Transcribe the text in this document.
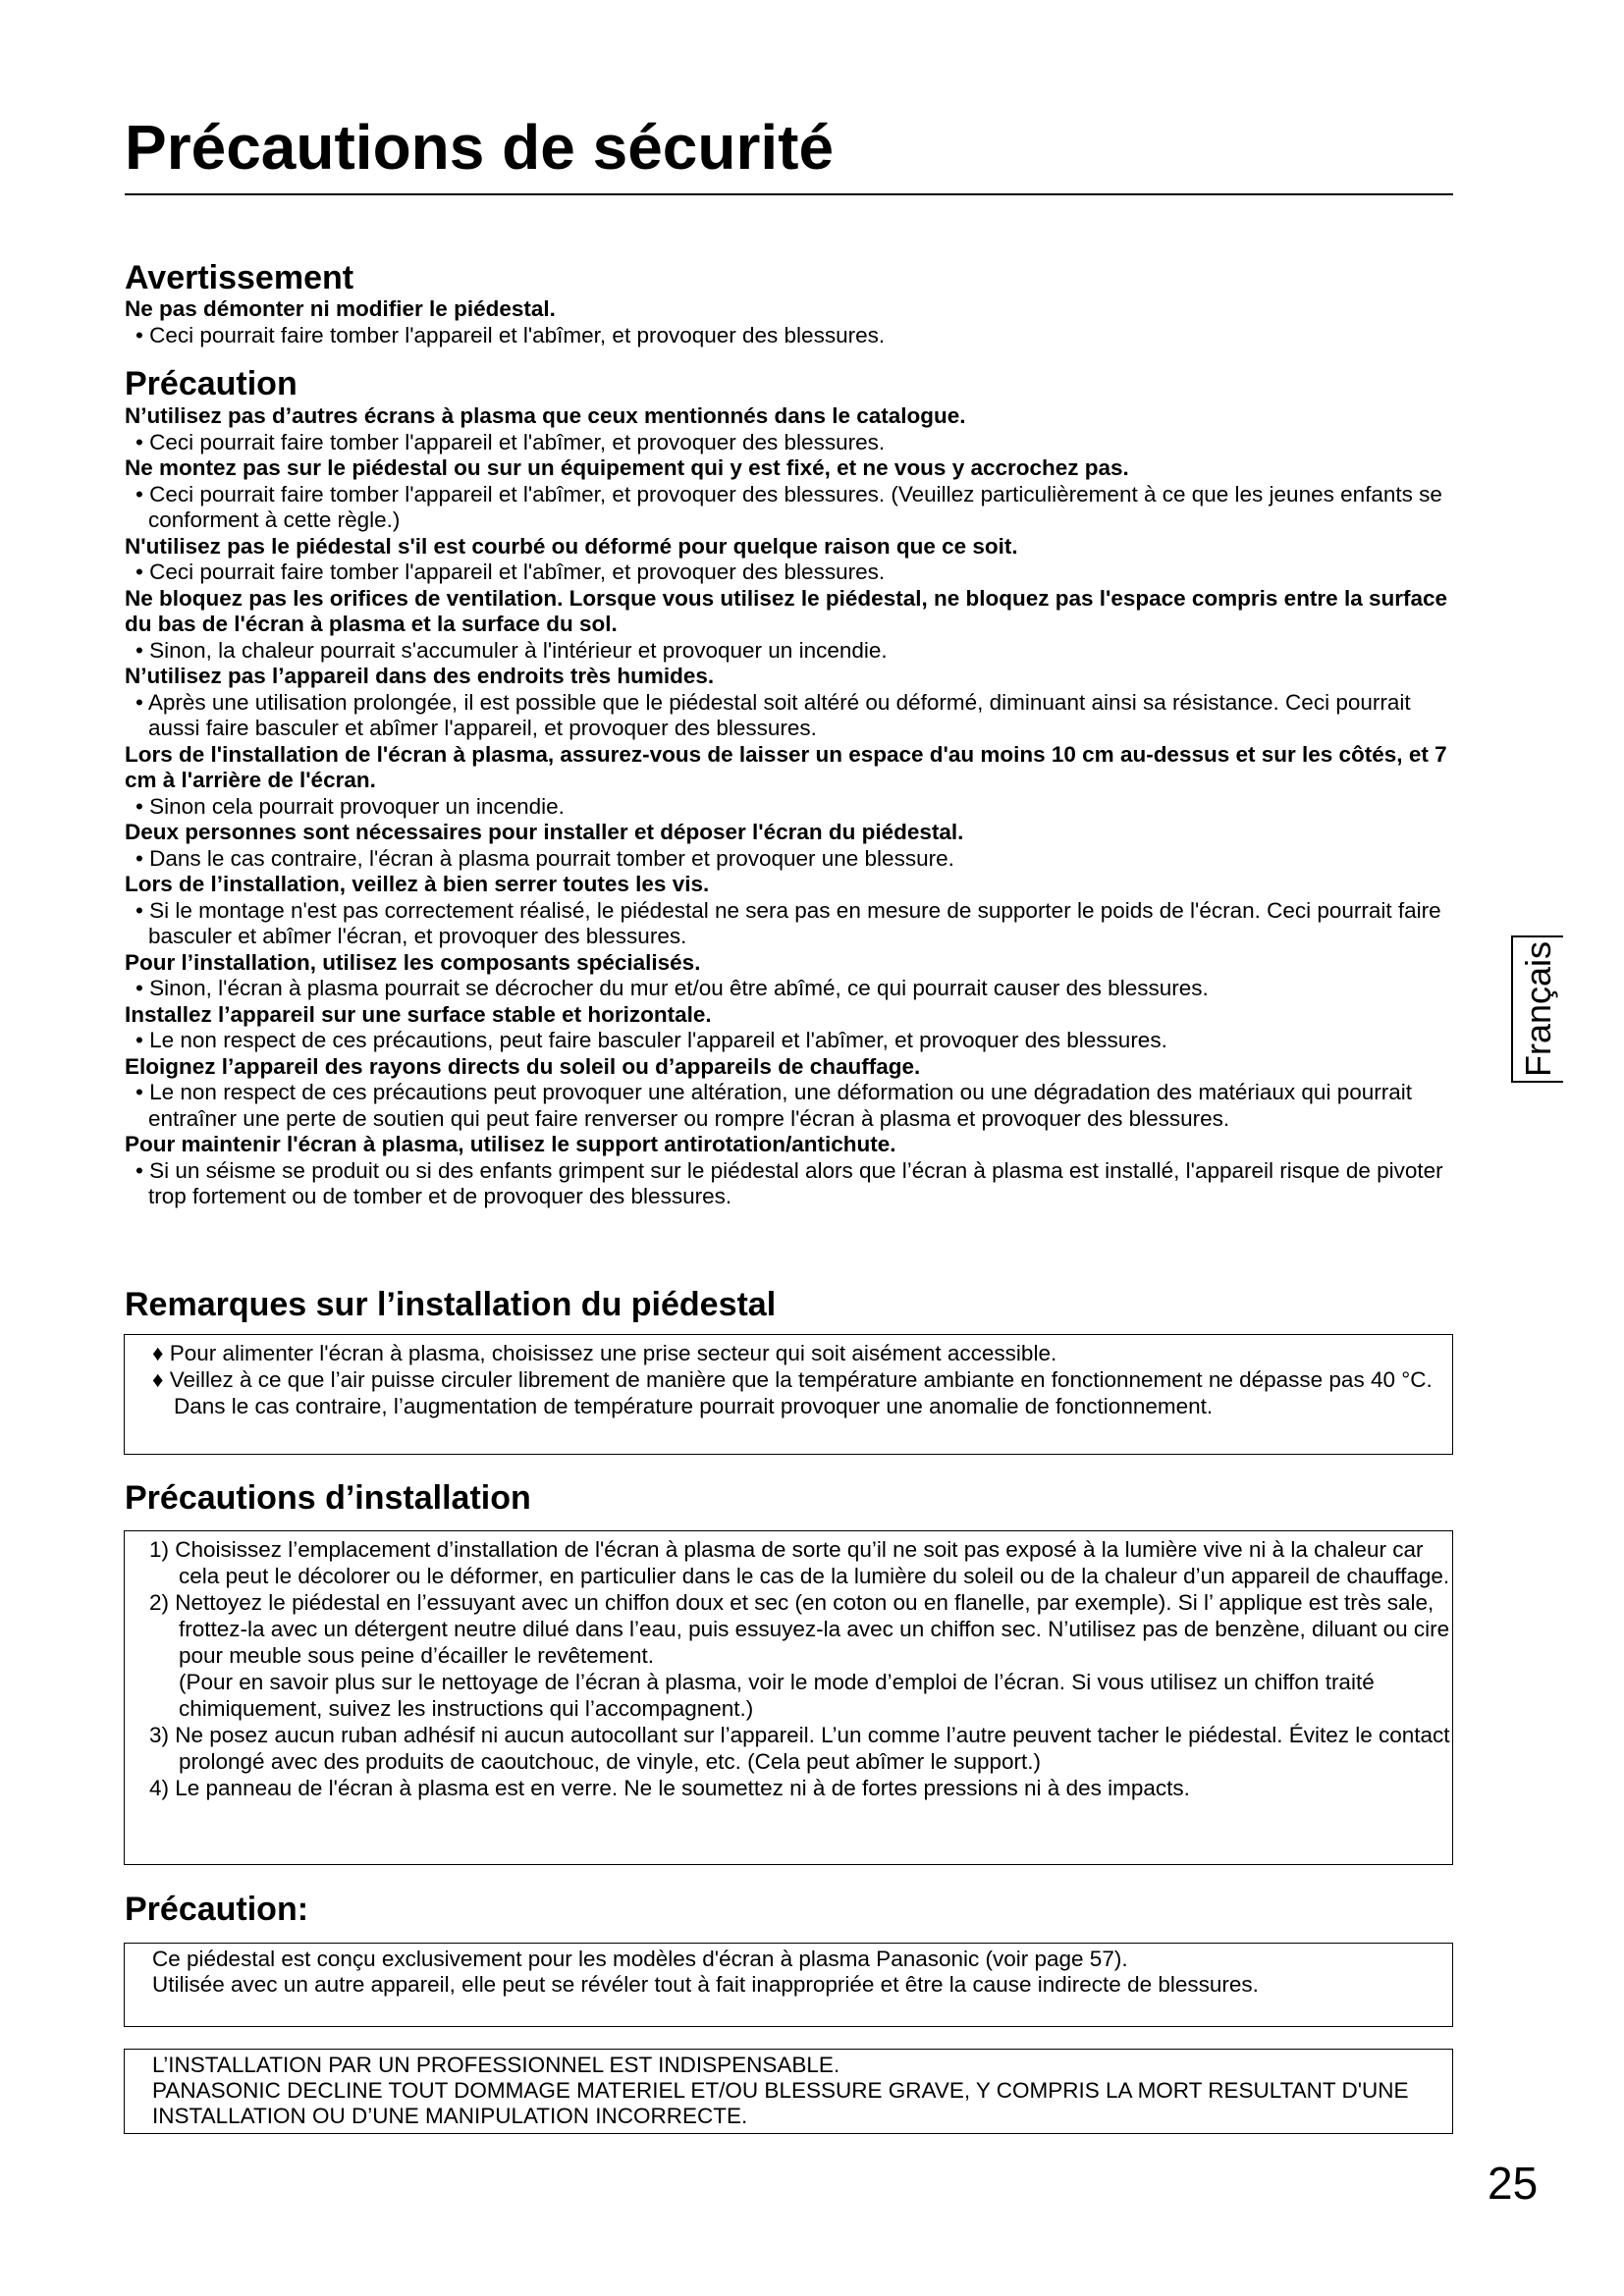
Précautions de sécurité
Avertissement

Ne pas démonter ni modifier le piédestal.

• Ceci pourrait faire tomber l'appareil et l'abîmer, et provoquer des blessures.

Précaution

N’utilisez pas d’autres écrans à plasma que ceux mentionnés dans le catalogue.

• Ceci pourrait faire tomber l'appareil et l'abîmer, et provoquer des blessures.

Ne montez pas sur le piédestal ou sur un équipement qui y est fixé, et ne vous y accrochez pas.

• Ceci pourrait faire tomber l'appareil et l'abîmer, et provoquer des blessures. (Veuillez particulièrement à ce que les jeunes enfants se conforment à cette règle.)

N'utilisez pas le piédestal s'il est courbé ou déformé pour quelque raison que ce soit.

• Ceci pourrait faire tomber l'appareil et l'abîmer, et provoquer des blessures.

Ne bloquez pas les orifices de ventilation. Lorsque vous utilisez le piédestal, ne bloquez pas l'espace compris entre la surface du bas de l'écran à plasma et la surface du sol.

• Sinon, la chaleur pourrait s'accumuler à l'intérieur et provoquer un incendie.

N’utilisez pas l’appareil dans des endroits très humides.

• Après une utilisation prolongée, il est possible que le piédestal soit altéré ou déformé, diminuant ainsi sa résistance. Ceci pourrait aussi faire basculer et abîmer l'appareil, et provoquer des blessures.

Lors de l'installation de l'écran à plasma, assurez-vous de laisser un espace d'au moins 10 cm au-dessus et sur les côtés, et 7 cm à l'arrière de l'écran.

• Sinon cela pourrait provoquer un incendie.

Deux personnes sont nécessaires pour installer et déposer l'écran du piédestal.

• Dans le cas contraire, l'écran à plasma pourrait tomber et provoquer une blessure.

Lors de l’installation, veillez à bien serrer toutes les vis.

• Si le montage n'est pas correctement réalisé, le piédestal ne sera pas en mesure de supporter le poids de l'écran. Ceci pourrait faire basculer et abîmer l'écran, et provoquer des blessures.

Pour l’installation, utilisez les composants spécialisés.

• Sinon, l'écran à plasma pourrait se décrocher du mur et/ou être abîmé, ce qui pourrait causer des blessures.

Installez l’appareil sur une surface stable et horizontale.

• Le non respect de ces précautions, peut faire basculer l'appareil et l'abîmer, et provoquer des blessures.

Eloignez l’appareil des rayons directs du soleil ou d’appareils de chauffage.

• Le non respect de ces précautions peut provoquer une altération, une déformation ou une dégradation des matériaux qui pourrait entraîner une perte de soutien qui peut faire renverser ou rompre l'écran à plasma et provoquer des blessures.

Pour maintenir l'écran à plasma, utilisez le support antirotation/antichute.

• Si un séisme se produit ou si des enfants grimpent sur le piédestal alors que l’écran à plasma est installé, l'appareil risque de pivoter trop fortement ou de tomber et de provoquer des blessures.

Remarques sur l’installation du piédestal

♦ Pour alimenter l'écran à plasma, choisissez une prise secteur qui soit aisément accessible.

♦ Veillez à ce que l’air puisse circuler librement de manière que la température ambiante en fonctionnement ne dépasse pas 40 °C.

Dans le cas contraire, l’augmentation de température pourrait provoquer une anomalie de fonctionnement.

Précautions d’installation

1) Choisissez l’emplacement d’installation de l'écran à plasma de sorte qu’il ne soit pas exposé à la lumière vive ni à la chaleur car cela peut le décolorer ou le déformer, en particulier dans le cas de la lumière du soleil ou de la chaleur d’un appareil de chauffage.

2) Nettoyez le piédestal en l’essuyant avec un chiffon doux et sec (en coton ou en flanelle, par exemple). Si l’ applique est très sale, frottez-la avec un détergent neutre dilué dans l’eau, puis essuyez-la avec un chiffon sec. N’utilisez pas de benzène, diluant ou cire pour meuble sous peine d’écailler le revêtement.

(Pour en savoir plus sur le nettoyage de l’écran à plasma, voir le mode d’emploi de l’écran. Si vous utilisez un chiffon traité chimiquement, suivez les instructions qui l’accompagnent.)

3) Ne posez aucun ruban adhésif ni aucun autocollant sur l’appareil. L’un comme l’autre peuvent tacher le piédestal. Évitez le contact prolongé avec des produits de caoutchouc, de vinyle, etc. (Cela peut abîmer le support.)

4) Le panneau de l'écran à plasma est en verre. Ne le soumettez ni à de fortes pressions ni à des impacts.

Précaution:

Ce piédestal est conçu exclusivement pour les modèles d'écran à plasma Panasonic (voir page 57).

Utilisée avec un autre appareil, elle peut se révéler tout à fait inappropriée et être la cause indirecte de blessures.

L’INSTALLATION PAR UN PROFESSIONNEL EST INDISPENSABLE.

PANASONIC DECLINE TOUT DOMMAGE MATERIEL ET/OU BLESSURE GRAVE, Y COMPRIS LA MORT RESULTANT D'UNE INSTALLATION OU D’UNE MANIPULATION INCORRECTE.

Français
25
